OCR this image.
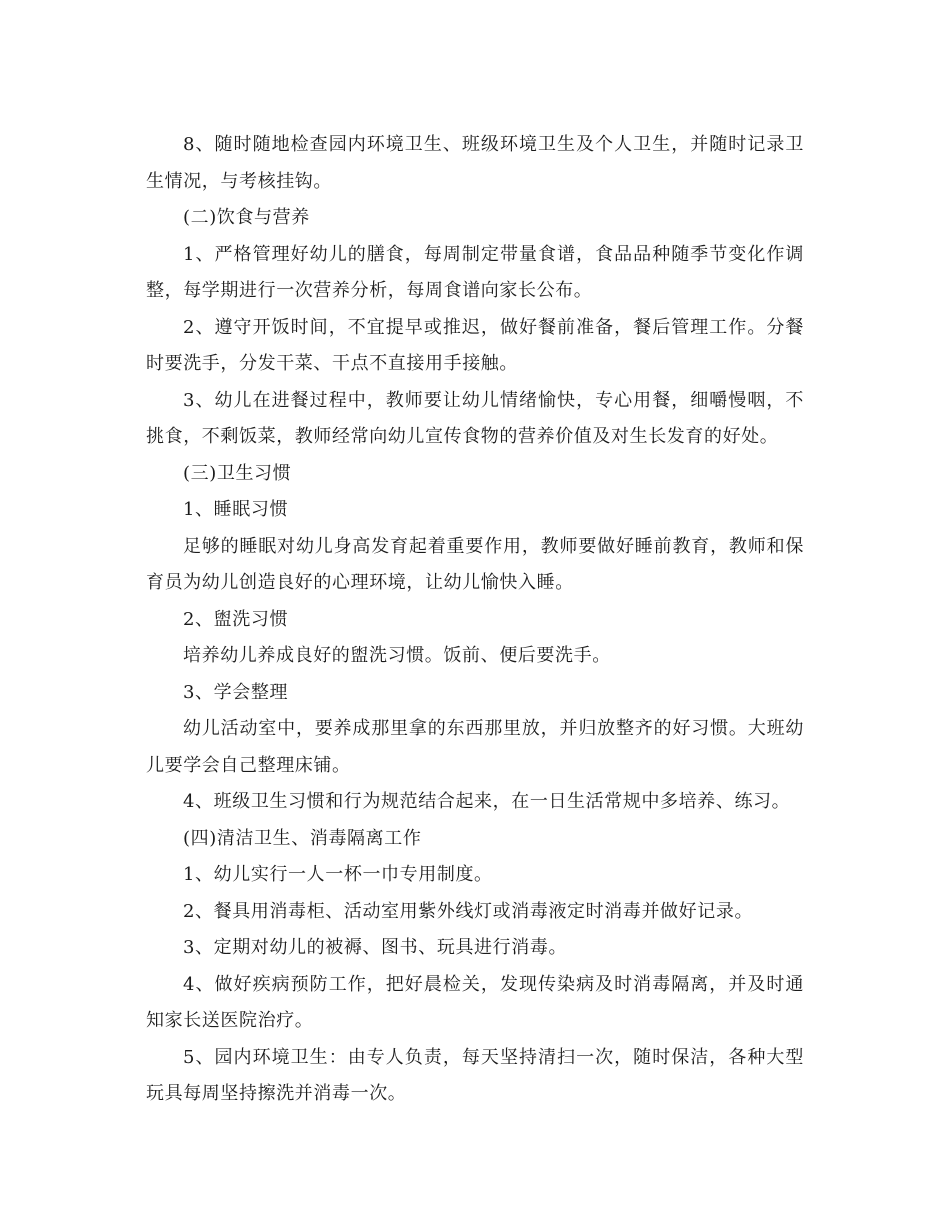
8、随时随地检查园内环境卫生、班级环境卫生及个人卫生，并随时记录卫生情况，与考核挂钩。

(二)饮食与营养

1、严格管理好幼儿的膳食，每周制定带量食谱，食品品种随季节变化作调整，每学期进行一次营养分析，每周食谱向家长公布。

2、遵守开饭时间，不宜提早或推迟，做好餐前准备，餐后管理工作。分餐时要洗手，分发干菜、干点不直接用手接触。

3、幼儿在进餐过程中，教师要让幼儿情绪愉快，专心用餐，细嚼慢咽，不挑食，不剩饭菜，教师经常向幼儿宣传食物的营养价值及对生长发育的好处。

(三)卫生习惯

1、睡眠习惯

足够的睡眠对幼儿身高发育起着重要作用，教师要做好睡前教育，教师和保育员为幼儿创造良好的心理环境，让幼儿愉快入睡。

2、盥洗习惯

培养幼儿养成良好的盥洗习惯。饭前、便后要洗手。

3、学会整理

幼儿活动室中，要养成那里拿的东西那里放，并归放整齐的好习惯。大班幼儿要学会自己整理床铺。

4、班级卫生习惯和行为规范结合起来，在一日生活常规中多培养、练习。

(四)清洁卫生、消毒隔离工作

1、幼儿实行一人一杯一巾专用制度。

2、餐具用消毒柜、活动室用紫外线灯或消毒液定时消毒并做好记录。

3、定期对幼儿的被褥、图书、玩具进行消毒。

4、做好疾病预防工作，把好晨检关，发现传染病及时消毒隔离，并及时通知家长送医院治疗。

5、园内环境卫生：由专人负责，每天坚持清扫一次，随时保洁，各种大型玩具每周坚持擦洗并消毒一次。
